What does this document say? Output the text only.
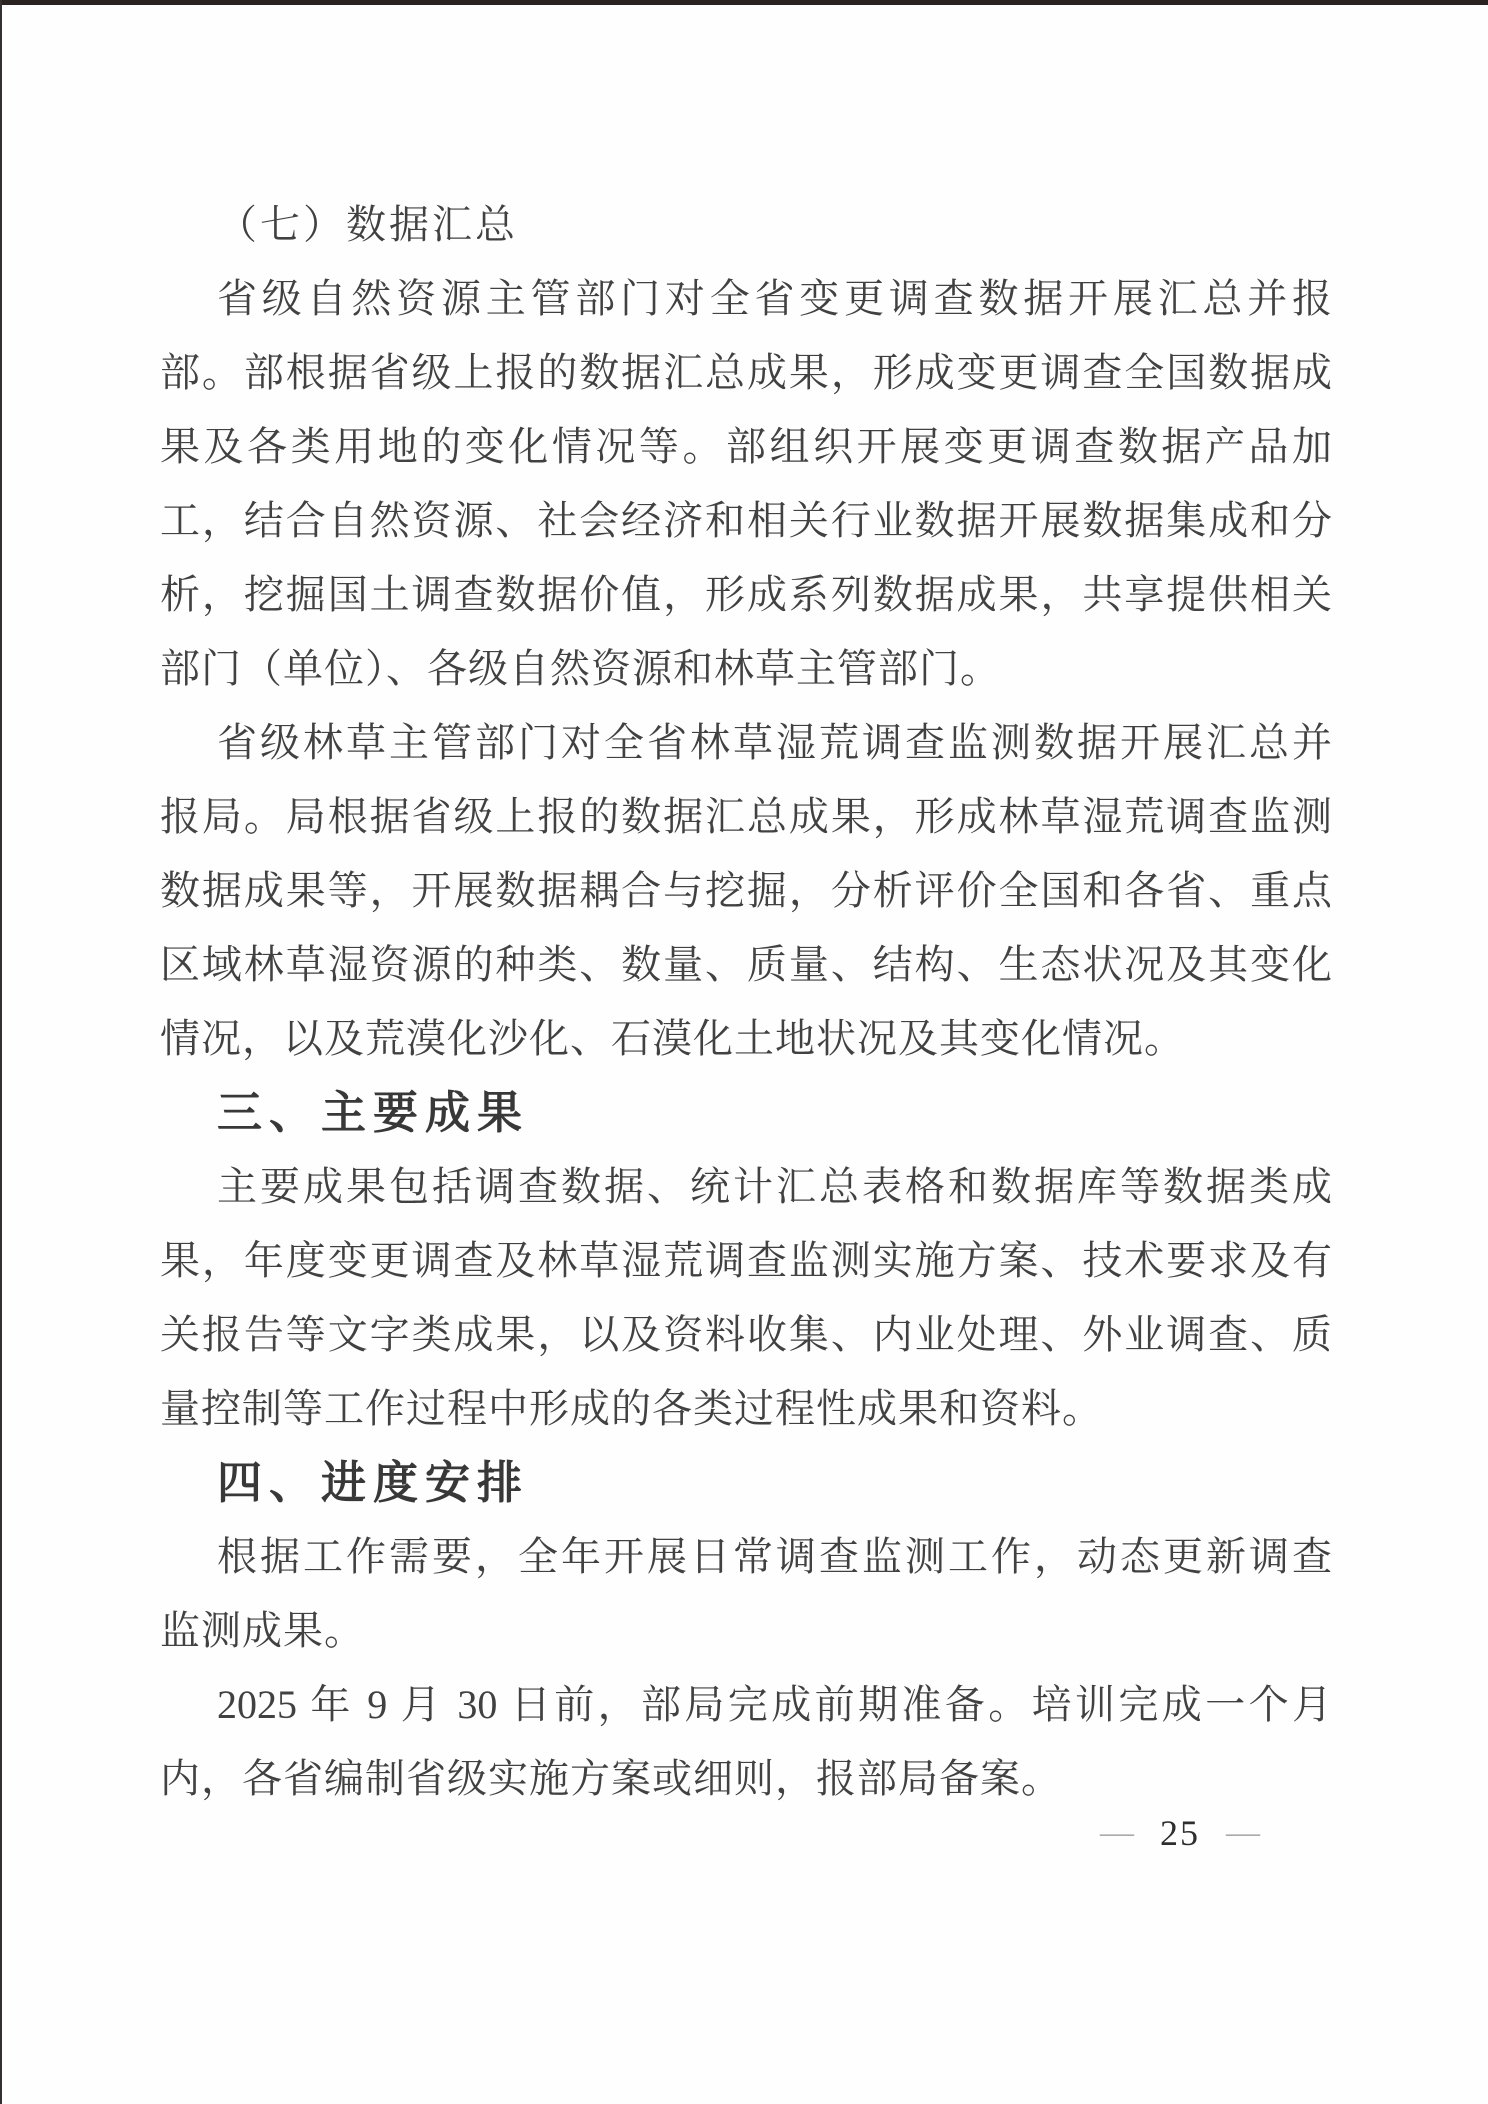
（七）数据汇总
省级自然资源主管部门对全省变更调查数据开展汇总并报
部。部根据省级上报的数据汇总成果，形成变更调查全国数据成
果及各类用地的变化情况等。部组织开展变更调查数据产品加
工，结合自然资源、社会经济和相关行业数据开展数据集成和分
析，挖掘国土调查数据价值，形成系列数据成果，共享提供相关
部门（单位）、各级自然资源和林草主管部门。
省级林草主管部门对全省林草湿荒调查监测数据开展汇总并
报局。局根据省级上报的数据汇总成果，形成林草湿荒调查监测
数据成果等，开展数据耦合与挖掘，分析评价全国和各省、重点
区域林草湿资源的种类、数量、质量、结构、生态状况及其变化
情况，以及荒漠化沙化、石漠化土地状况及其变化情况。
三、主要成果
主要成果包括调查数据、统计汇总表格和数据库等数据类成
果，年度变更调查及林草湿荒调查监测实施方案、技术要求及有
关报告等文字类成果，以及资料收集、内业处理、外业调查、质
量控制等工作过程中形成的各类过程性成果和资料。
四、进度安排
根据工作需要，全年开展日常调查监测工作，动态更新调查
监测成果。
2025 年 9 月 30 日前，部局完成前期准备。培训完成一个月
内，各省编制省级实施方案或细则，报部局备案。
— 25 —
